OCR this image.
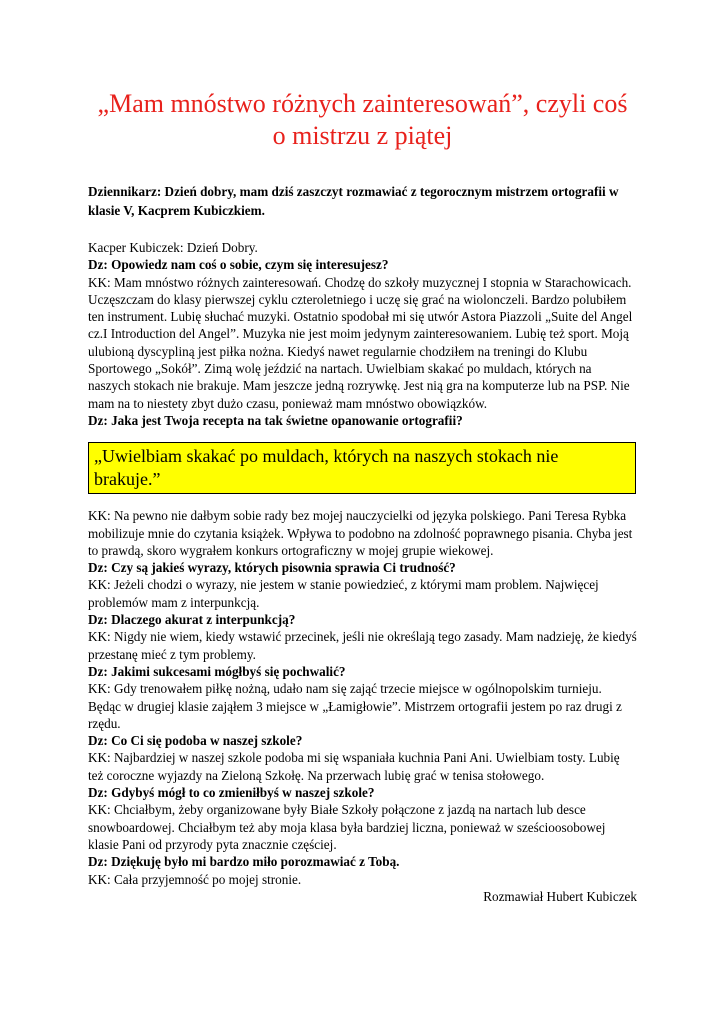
„Mam mnóstwo różnych zainteresowań”, czyli coś
o mistrzu z piątej

Dziennikarz: Dzień dobry, mam dziś zaszczyt rozmawiać z tegorocznym mistrzem ortografii w klasie V, Kacprem Kubiczkiem.

Kacper Kubiczek: Dzień Dobry.

Dz: Opowiedz nam coś o sobie, czym się interesujesz?

KK: Mam mnóstwo różnych zainteresowań. Chodzę do szkoły muzycznej I stopnia w Starachowicach. Uczęszczam do klasy pierwszej cyklu czteroletniego i uczę się grać na wiolonczeli. Bardzo polubiłem ten instrument. Lubię słuchać muzyki. Ostatnio spodobał mi się utwór Astora Piazzoli „Suite del Angel cz.I Introduction del Angel”. Muzyka nie jest moim jedynym zainteresowaniem. Lubię też sport. Moją ulubioną dyscypliną jest piłka nożna. Kiedyś nawet regularnie chodziłem na treningi do Klubu Sportowego „Sokół”. Zimą wolę jeździć na nartach. Uwielbiam skakać po muldach, których na naszych stokach nie brakuje. Mam jeszcze jedną rozrywkę. Jest nią gra na komputerze lub na PSP. Nie mam na to niestety zbyt dużo czasu, ponieważ mam mnóstwo obowiązków.

Dz: Jaka jest Twoja recepta na tak świetne opanowanie ortografii?

„Uwielbiam skakać po muldach, których na naszych stokach nie brakuje.”

KK: Na pewno nie dałbym sobie rady bez mojej nauczycielki od języka polskiego. Pani Teresa Rybka mobilizuje mnie do czytania książek. Wpływa to podobno na zdolność poprawnego pisania. Chyba jest to prawdą, skoro wygrałem konkurs ortograficzny w mojej grupie wiekowej.

Dz: Czy są jakieś wyrazy, których pisownia sprawia Ci trudność?

KK: Jeżeli chodzi o wyrazy, nie jestem w stanie powiedzieć, z którymi mam problem. Najwięcej problemów mam z interpunkcją.

Dz: Dlaczego akurat z interpunkcją?

KK: Nigdy nie wiem, kiedy wstawić przecinek, jeśli nie określają tego zasady. Mam nadzieję, że kiedyś przestanę mieć z tym problemy.

Dz: Jakimi sukcesami mógłbyś się pochwalić?

KK: Gdy trenowałem piłkę nożną, udało nam się zająć trzecie miejsce w ogólnopolskim turnieju. Będąc w drugiej klasie zająłem 3 miejsce w „Łamigłowie”. Mistrzem ortografii jestem po raz drugi z rzędu.

Dz: Co Ci się podoba w naszej szkole?

KK: Najbardziej w naszej szkole podoba mi się wspaniała kuchnia Pani Ani. Uwielbiam tosty. Lubię też coroczne wyjazdy na Zieloną Szkołę. Na przerwach lubię grać w tenisa stołowego.

Dz: Gdybyś mógł to co zmieniłbyś w naszej szkole?

KK: Chciałbym, żeby organizowane były Białe Szkoły połączone z jazdą na nartach lub desce snowboardowej. Chciałbym też aby moja klasa była bardziej liczna, ponieważ w sześcioosobowej klasie Pani od przyrody pyta znacznie częściej.

Dz: Dziękuję było mi bardzo miło porozmawiać z Tobą.

KK: Cała przyjemność po mojej stronie.

Rozmawiał Hubert Kubiczek
